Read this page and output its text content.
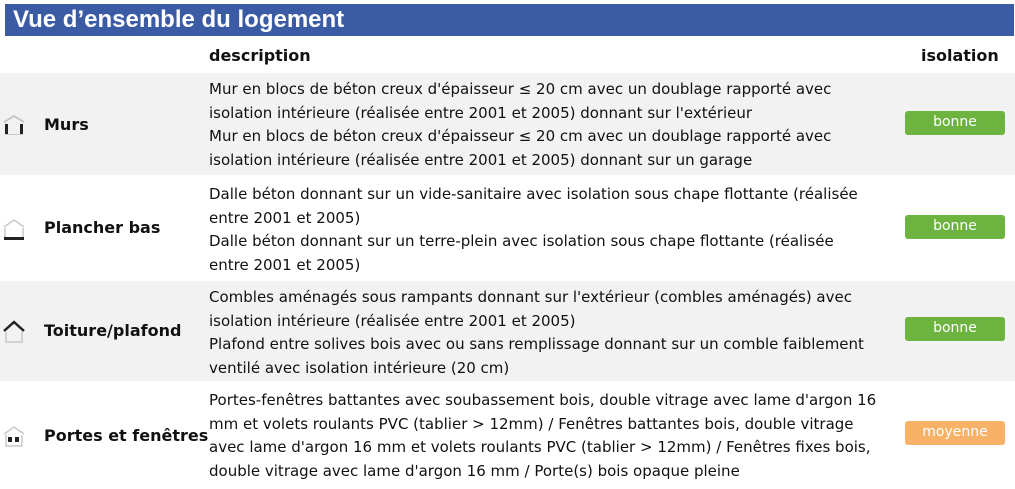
Vue d’ensemble du logement
description	isolation
Murs
Mur en blocs de béton creux d'épaisseur ≤ 20 cm avec un doublage rapporté avec
isolation intérieure (réalisée entre 2001 et 2005) donnant sur l'extérieur
Mur en blocs de béton creux d'épaisseur ≤ 20 cm avec un doublage rapporté avec
isolation intérieure (réalisée entre 2001 et 2005) donnant sur un garage
bonne
Plancher bas
Dalle béton donnant sur un vide-sanitaire avec isolation sous chape flottante (réalisée
entre 2001 et 2005)
Dalle béton donnant sur un terre-plein avec isolation sous chape flottante (réalisée
entre 2001 et 2005)
bonne
Toiture/plafond
Combles aménagés sous rampants donnant sur l'extérieur (combles aménagés) avec
isolation intérieure (réalisée entre 2001 et 2005)
Plafond entre solives bois avec ou sans remplissage donnant sur un comble faiblement
ventilé avec isolation intérieure (20 cm)
bonne
Portes et fenêtres
Portes-fenêtres battantes avec soubassement bois, double vitrage avec lame d'argon 16
mm et volets roulants PVC (tablier > 12mm) / Fenêtres battantes bois, double vitrage
avec lame d'argon 16 mm et volets roulants PVC (tablier > 12mm) / Fenêtres fixes bois,
double vitrage avec lame d'argon 16 mm / Porte(s) bois opaque pleine
moyenne
